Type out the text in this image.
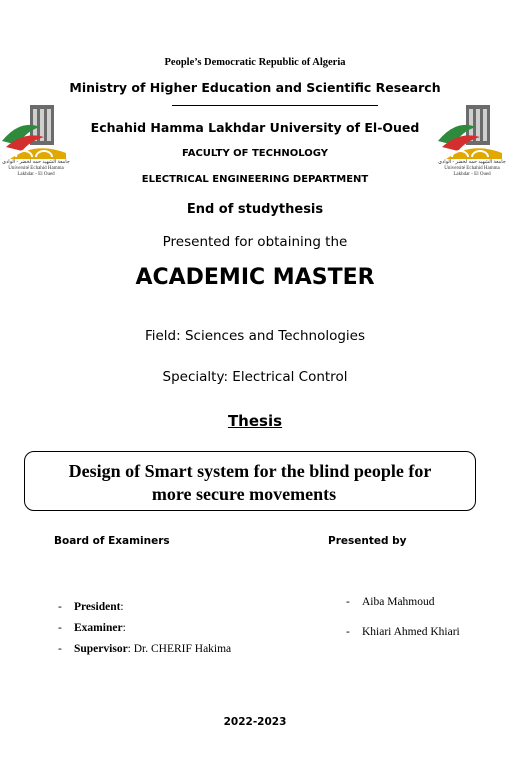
People’s Democratic Republic of Algeria
Ministry of Higher Education and Scientific Research
Echahid Hamma Lakhdar University of El-Oued
FACULTY OF TECHNOLOGY
ELECTRICAL ENGINEERING DEPARTMENT
جامعة الشهيد حمه لخضر - الوادي
Université Echahid Hamma Lakhdar - El Oued
جامعة الشهيد حمه لخضر - الوادي
Université Echahid Hamma Lakhdar - El Oued
End of studythesis
Presented for obtaining the
ACADEMIC MASTER
Field: Sciences and Technologies
Specialty: Electrical Control
Thesis
Design of Smart system for the blind people for
more secure movements
Board of Examiners
- President:
- Examiner:
- Supervisor: Dr. CHERIF Hakima
Presented by
- Aiba Mahmoud
- Khiari Ahmed Khiari
2022-2023
